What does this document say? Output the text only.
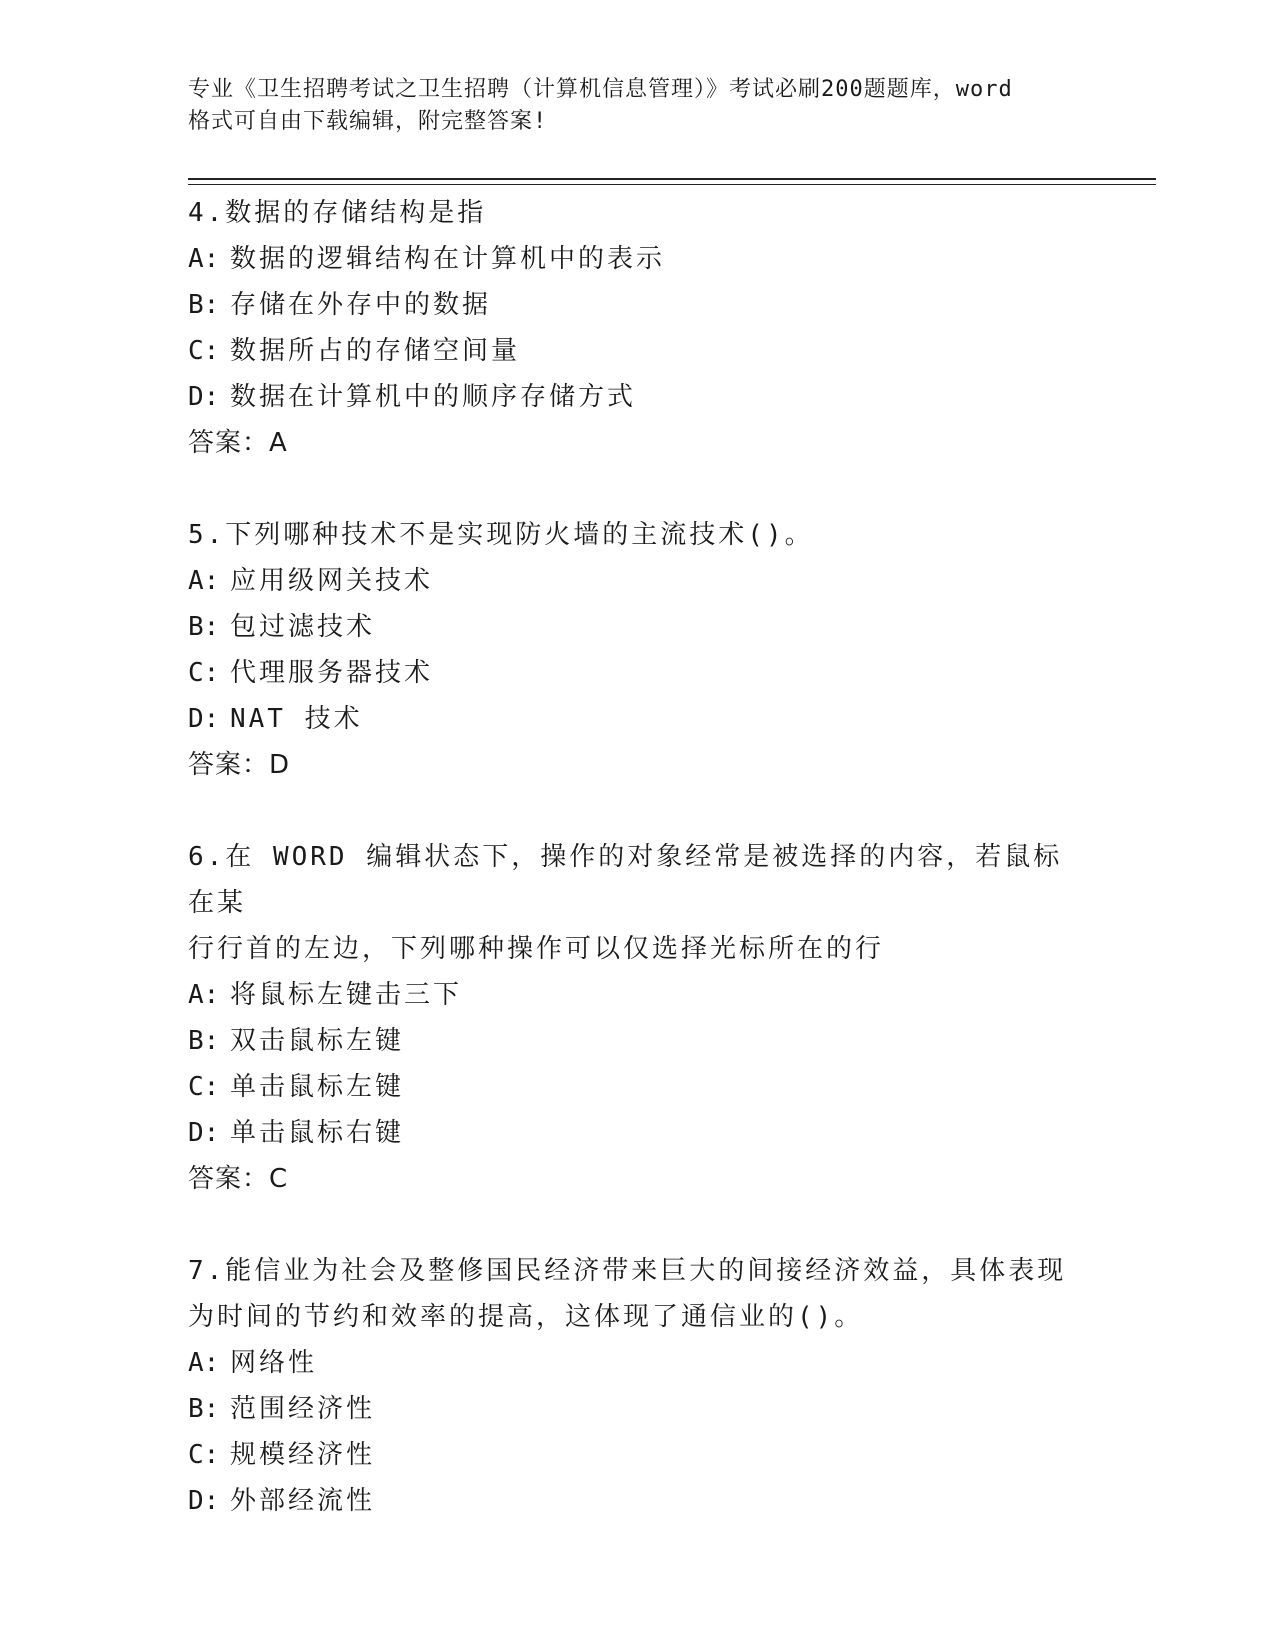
专业《卫生招聘考试之卫生招聘（计算机信息管理）》考试必刷200题题库，word
格式可自由下载编辑，附完整答案!
4.数据的存储结构是指
A: 数据的逻辑结构在计算机中的表示
B: 存储在外存中的数据
C: 数据所占的存储空间量
D: 数据在计算机中的顺序存储方式
答案：A
5.下列哪种技术不是实现防火墙的主流技术()。
A: 应用级网关技术
B: 包过滤技术
C: 代理服务器技术
D: NAT 技术
答案：D
6.在 WORD 编辑状态下，操作的对象经常是被选择的内容，若鼠标在某
行行首的左边，下列哪种操作可以仅选择光标所在的行
A: 将鼠标左键击三下
B: 双击鼠标左键
C: 单击鼠标左键
D: 单击鼠标右键
答案：C
7.能信业为社会及整修国民经济带来巨大的间接经济效益，具体表现
为时间的节约和效率的提高，这体现了通信业的()。
A: 网络性
B: 范围经济性
C: 规模经济性
D: 外部经流性
